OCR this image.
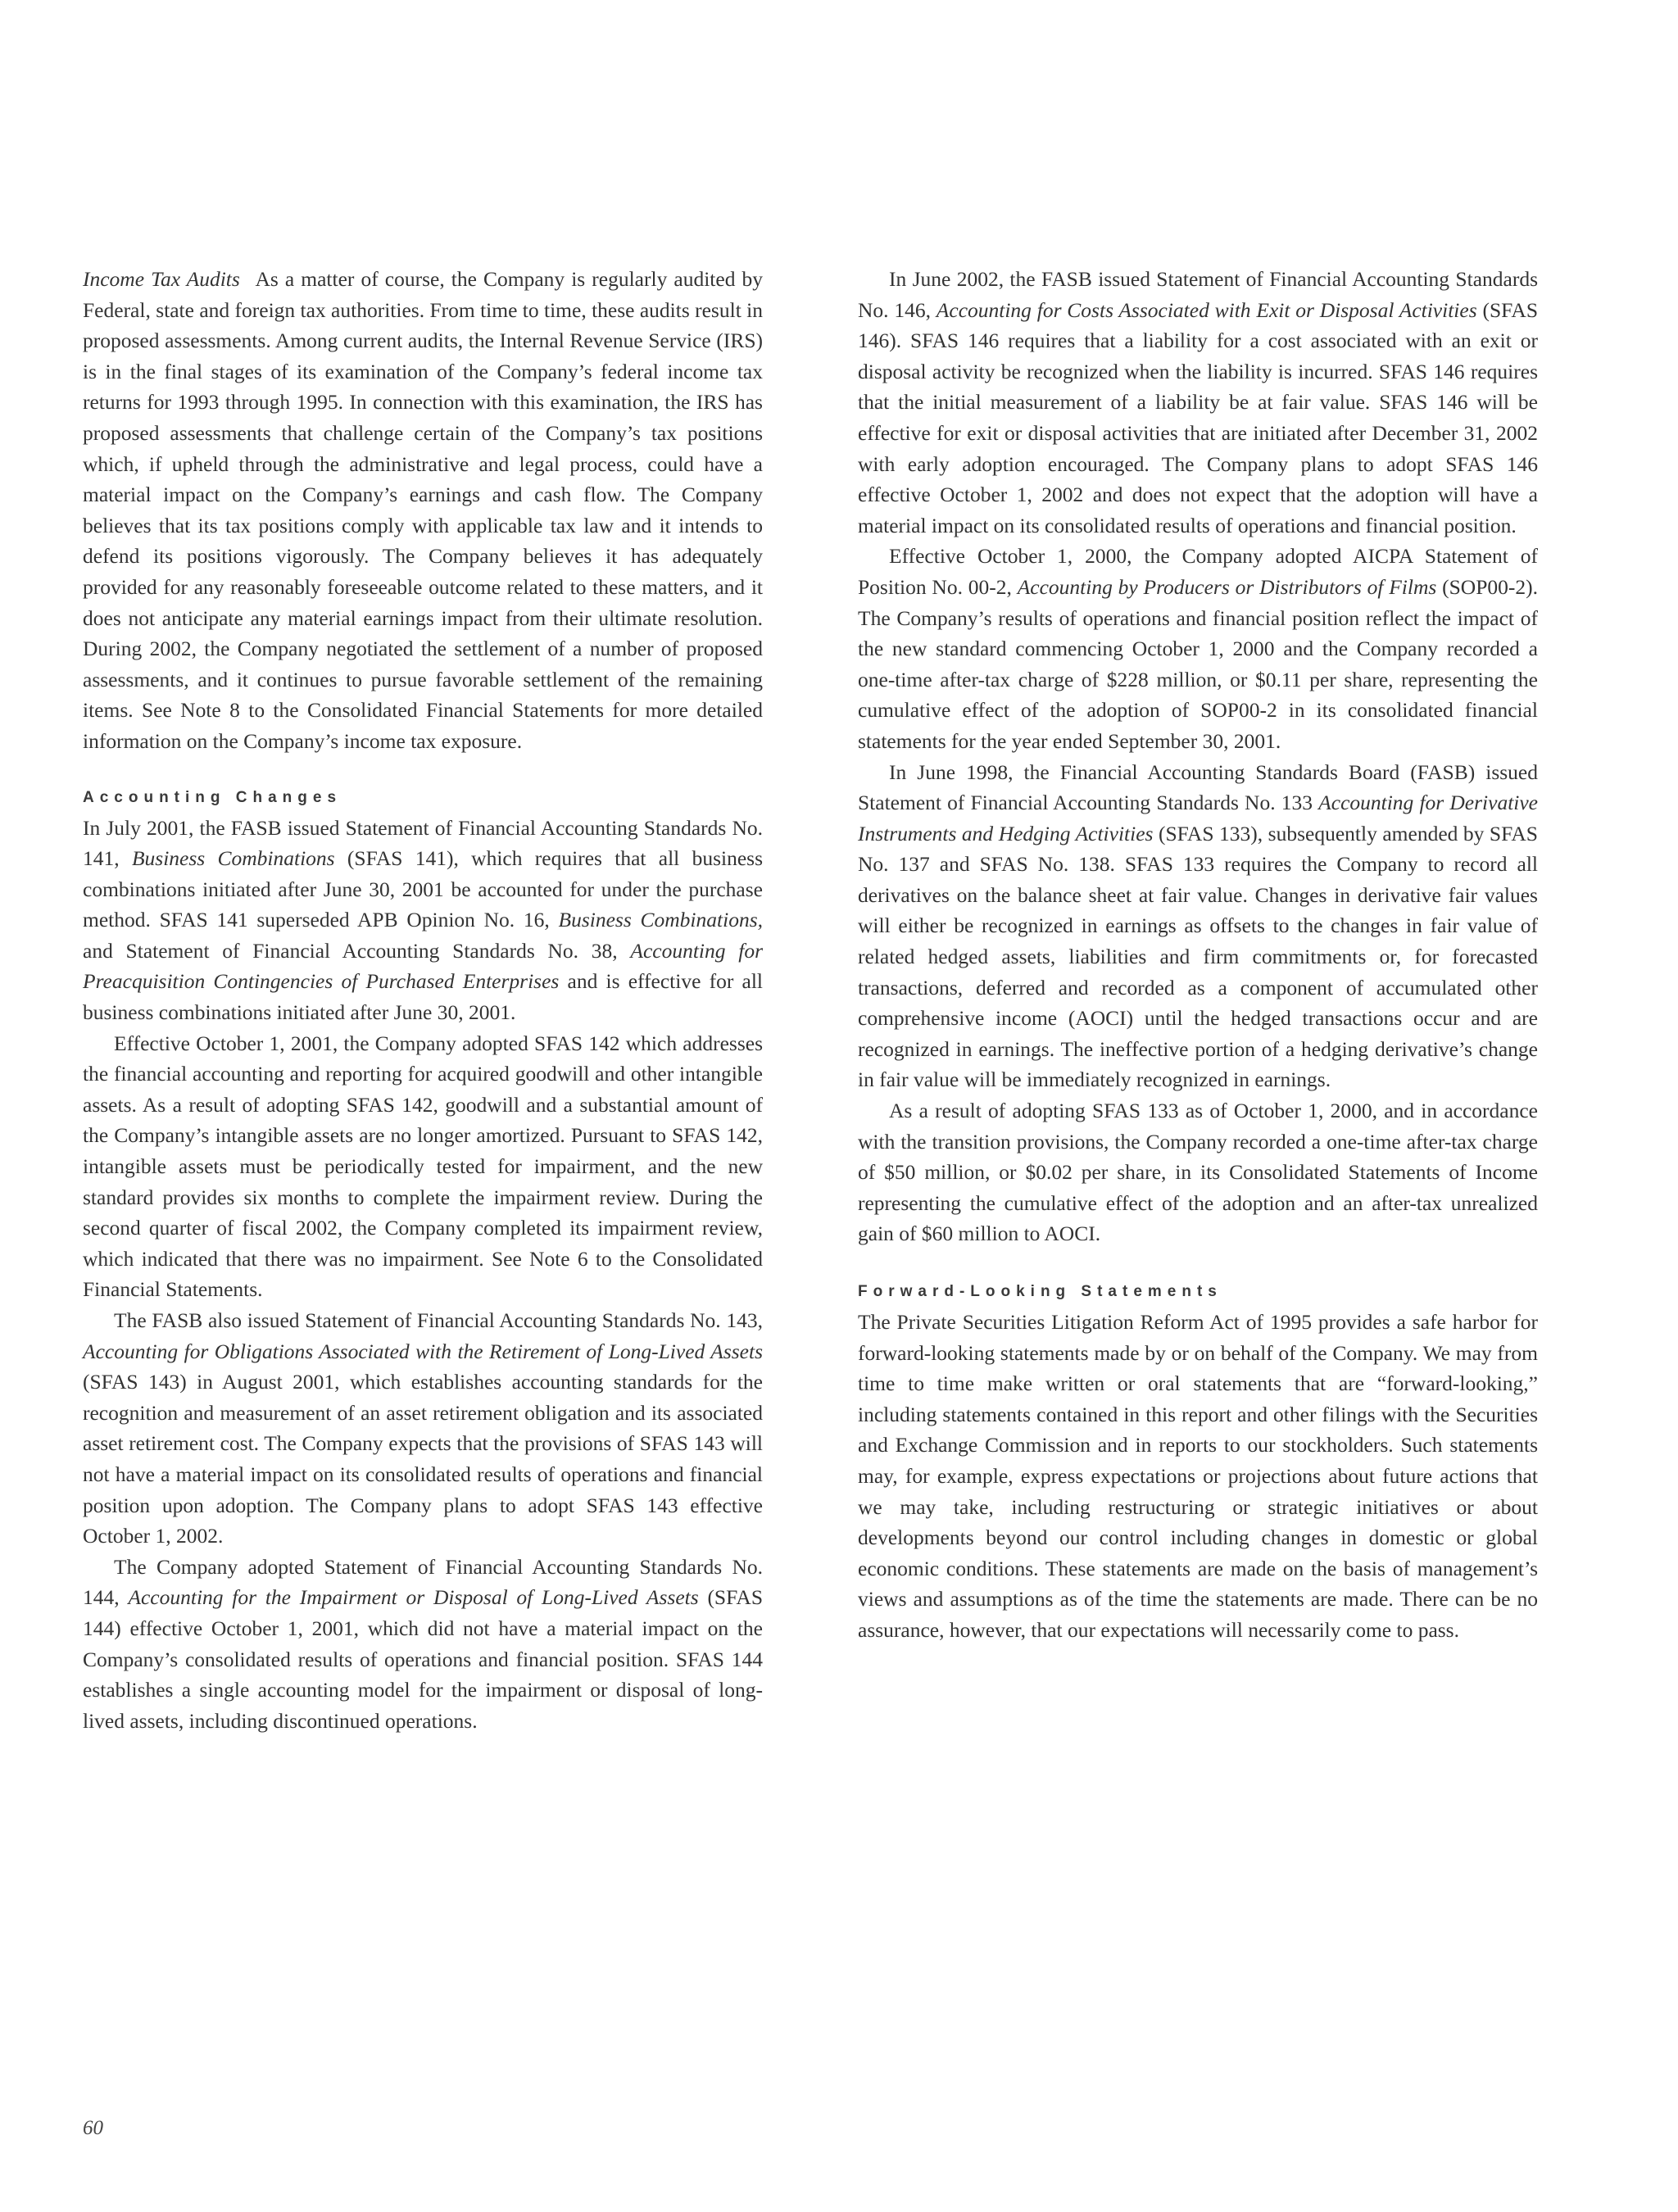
Income Tax Audits As a matter of course, the Company is regularly audited by Federal, state and foreign tax authorities. From time to time, these audits result in proposed assessments. Among current audits, the Internal Revenue Service (IRS) is in the final stages of its examination of the Company’s federal income tax returns for 1993 through 1995. In connection with this examination, the IRS has proposed assessments that challenge certain of the Company’s tax positions which, if upheld through the administrative and legal process, could have a material impact on the Company’s earnings and cash flow. The Company believes that its tax positions comply with applicable tax law and it intends to defend its positions vigorously. The Company believes it has adequately provided for any reasonably foreseeable outcome related to these matters, and it does not anticipate any material earnings impact from their ultimate resolution. During 2002, the Company negotiated the settlement of a number of proposed assessments, and it continues to pursue favorable settlement of the remaining items. See Note 8 to the Consolidated Financial Statements for more detailed information on the Company’s income tax exposure.

Accounting Changes

In July 2001, the FASB issued Statement of Financial Accounting Standards No. 141, Business Combinations (SFAS 141), which requires that all business combinations initiated after June 30, 2001 be accounted for under the purchase method. SFAS 141 superseded APB Opinion No. 16, Business Combinations, and Statement of Financial Accounting Standards No. 38, Accounting for Preacquisition Contingencies of Purchased Enterprises and is effective for all business combinations initiated after June 30, 2001.

Effective October 1, 2001, the Company adopted SFAS 142 which addresses the financial accounting and reporting for acquired goodwill and other intangible assets. As a result of adopting SFAS 142, goodwill and a substantial amount of the Company’s intangible assets are no longer amortized. Pursuant to SFAS 142, intangible assets must be periodically tested for impairment, and the new standard provides six months to complete the impairment review. During the second quarter of fiscal 2002, the Company completed its impairment review, which indicated that there was no impairment. See Note 6 to the Consolidated Financial Statements.

The FASB also issued Statement of Financial Accounting Standards No. 143, Accounting for Obligations Associated with the Retirement of Long-Lived Assets (SFAS 143) in August 2001, which establishes accounting standards for the recognition and measurement of an asset retirement obligation and its associated asset retirement cost. The Company expects that the provisions of SFAS 143 will not have a material impact on its consolidated results of operations and financial position upon adoption. The Company plans to adopt SFAS 143 effective October 1, 2002.

The Company adopted Statement of Financial Accounting Standards No. 144, Accounting for the Impairment or Disposal of Long-Lived Assets (SFAS 144) effective October 1, 2001, which did not have a material impact on the Company’s consolidated results of operations and financial position. SFAS 144 establishes a single accounting model for the impairment or disposal of long-lived assets, including discontinued operations.

In June 2002, the FASB issued Statement of Financial Accounting Standards No. 146, Accounting for Costs Associated with Exit or Disposal Activities (SFAS 146). SFAS 146 requires that a liability for a cost associated with an exit or disposal activity be recognized when the liability is incurred. SFAS 146 requires that the initial measurement of a liability be at fair value. SFAS 146 will be effective for exit or disposal activities that are initiated after December 31, 2002 with early adoption encouraged. The Company plans to adopt SFAS 146 effective October 1, 2002 and does not expect that the adoption will have a material impact on its consolidated results of operations and financial position.

Effective October 1, 2000, the Company adopted AICPA Statement of Position No. 00-2, Accounting by Producers or Distributors of Films (SOP00-2). The Company’s results of operations and financial position reflect the impact of the new standard commencing October 1, 2000 and the Company recorded a one-time after-tax charge of $228 million, or $0.11 per share, representing the cumulative effect of the adoption of SOP00-2 in its consolidated financial statements for the year ended September 30, 2001.

In June 1998, the Financial Accounting Standards Board (FASB) issued Statement of Financial Accounting Standards No. 133 Accounting for Derivative Instruments and Hedging Activities (SFAS 133), subsequently amended by SFAS No. 137 and SFAS No. 138. SFAS 133 requires the Company to record all derivatives on the balance sheet at fair value. Changes in derivative fair values will either be recognized in earnings as offsets to the changes in fair value of related hedged assets, liabilities and firm commitments or, for forecasted transactions, deferred and recorded as a component of accumulated other comprehensive income (AOCI) until the hedged transactions occur and are recognized in earnings. The ineffective portion of a hedging derivative’s change in fair value will be immediately recognized in earnings.

As a result of adopting SFAS 133 as of October 1, 2000, and in accordance with the transition provisions, the Company recorded a one-time after-tax charge of $50 million, or $0.02 per share, in its Consolidated Statements of Income representing the cumulative effect of the adoption and an after-tax unrealized gain of $60 million to AOCI.

Forward-Looking Statements

The Private Securities Litigation Reform Act of 1995 provides a safe harbor for forward-looking statements made by or on behalf of the Company. We may from time to time make written or oral statements that are “forward-looking,” including statements contained in this report and other filings with the Securities and Exchange Commission and in reports to our stockholders. Such statements may, for example, express expectations or projections about future actions that we may take, including restructuring or strategic initiatives or about developments beyond our control including changes in domestic or global economic conditions. These statements are made on the basis of management’s views and assumptions as of the time the statements are made. There can be no assurance, however, that our expectations will necessarily come to pass.

60
